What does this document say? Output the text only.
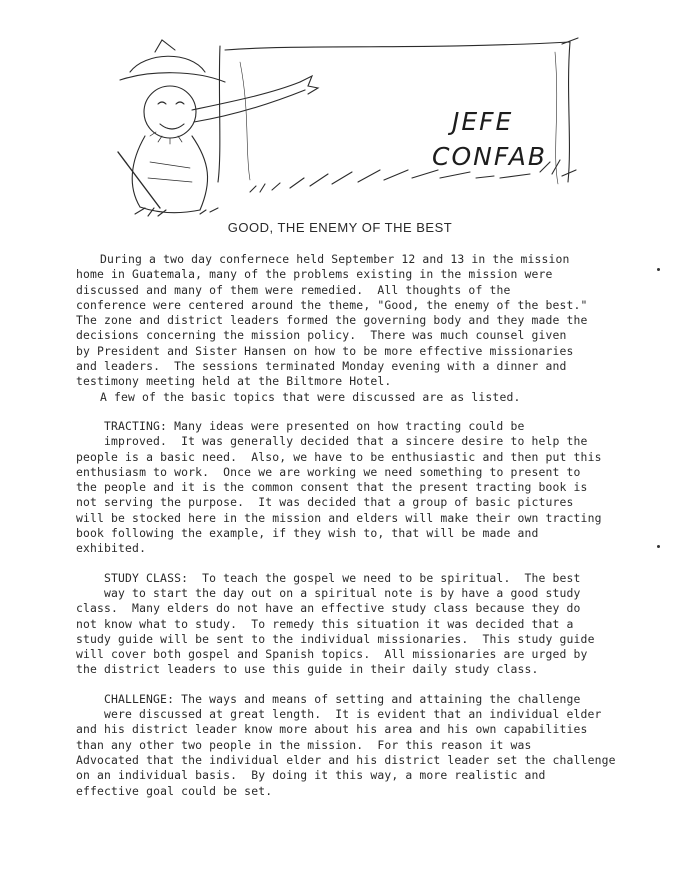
JEFE
CONFAB
GOOD, THE ENEMY OF THE BEST
During a two day confernece held September 12 and 13 in the mission
home in Guatemala, many of the problems existing in the mission were
discussed and many of them were remedied.  All thoughts of the
conference were centered around the theme, "Good, the enemy of the best."
The zone and district leaders formed the governing body and they made the
decisions concerning the mission policy.  There was much counsel given
by President and Sister Hansen on how to be more effective missionaries
and leaders.  The sessions terminated Monday evening with a dinner and
testimony meeting held at the Biltmore Hotel.
A few of the basic topics that were discussed are as listed.
TRACTING: Many ideas were presented on how tracting could be
improved.  It was generally decided that a sincere desire to help the
people is a basic need.  Also, we have to be enthusiastic and then put this
enthusiasm to work.  Once we are working we need something to present to
the people and it is the common consent that the present tracting book is
not serving the purpose.  It was decided that a group of basic pictures
will be stocked here in the mission and elders will make their own tracting
book following the example, if they wish to, that will be made and
exhibited.
STUDY CLASS:  To teach the gospel we need to be spiritual.  The best
way to start the day out on a spiritual note is by have a good study
class.  Many elders do not have an effective study class because they do
not know what to study.  To remedy this situation it was decided that a
study guide will be sent to the individual missionaries.  This study guide
will cover both gospel and Spanish topics.  All missionaries are urged by
the district leaders to use this guide in their daily study class.
CHALLENGE: The ways and means of setting and attaining the challenge
were discussed at great length.  It is evident that an individual elder
and his district leader know more about his area and his own capabilities
than any other two people in the mission.  For this reason it was
Advocated that the individual elder and his district leader set the challenge
on an individual basis.  By doing it this way, a more realistic and
effective goal could be set.
